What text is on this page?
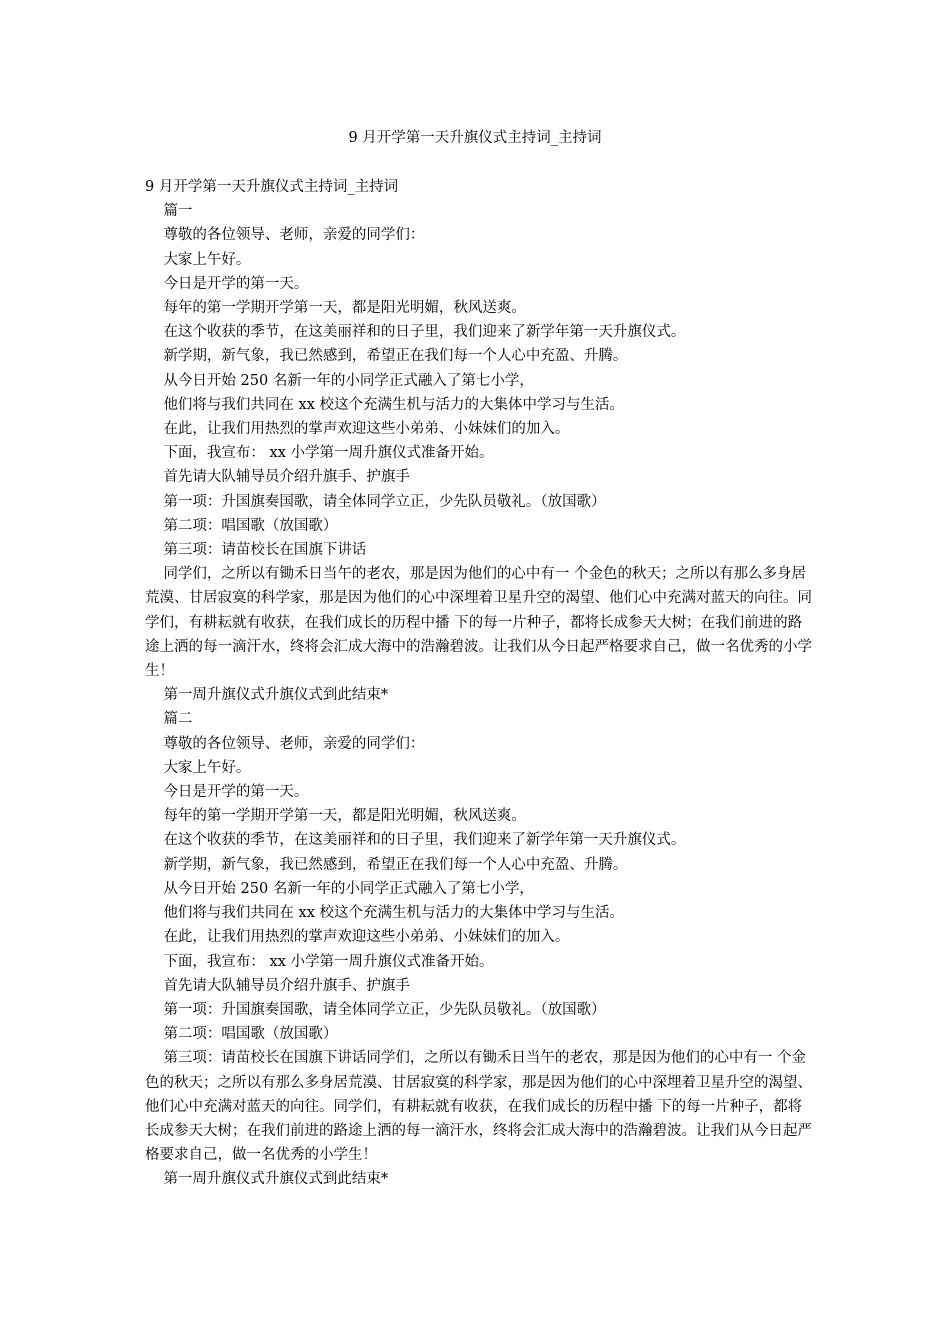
9 月开学第一天升旗仪式主持词_主持词

9 月开学第一天升旗仪式主持词_主持词

篇一

尊敬的各位领导、老师，亲爱的同学们：

大家上午好。

今日是开学的第一天。

每年的第一学期开学第一天，都是阳光明媚，秋风送爽。

在这个收获的季节，在这美丽祥和的日子里，我们迎来了新学年第一天升旗仪式。

新学期，新气象，我已然感到，希望正在我们每一个人心中充盈、升腾。

从今日开始 250 名新一年的小同学正式融入了第七小学，

他们将与我们共同在 xx 校这个充满生机与活力的大集体中学习与生活。

在此，让我们用热烈的掌声欢迎这些小弟弟、小妹妹们的加入。

下面，我宣布： xx 小学第一周升旗仪式准备开始。

首先请大队辅导员介绍升旗手、护旗手

第一项：升国旗奏国歌，请全体同学立正，少先队员敬礼。（放国歌）

第二项：唱国歌（放国歌）

第三项：请苗校长在国旗下讲话

同学们，之所以有锄禾日当午的老农，那是因为他们的心中有一 个金色的秋天；之所以有那么多身居荒漠、甘居寂寞的科学家，那是因为他们的心中深埋着卫星升空的渴望、他们心中充满对蓝天的向往。同学们，有耕耘就有收获，在我们成长的历程中播 下的每一片种子，都将长成参天大树；在我们前进的路途上洒的每一滴汗水，终将会汇成大海中的浩瀚碧波。让我们从今日起严格要求自己，做一名优秀的小学生！

第一周升旗仪式升旗仪式到此结束*

篇二

尊敬的各位领导、老师，亲爱的同学们：

大家上午好。

今日是开学的第一天。

每年的第一学期开学第一天，都是阳光明媚，秋风送爽。

在这个收获的季节，在这美丽祥和的日子里，我们迎来了新学年第一天升旗仪式。

新学期，新气象，我已然感到，希望正在我们每一个人心中充盈、升腾。

从今日开始 250 名新一年的小同学正式融入了第七小学，

他们将与我们共同在 xx 校这个充满生机与活力的大集体中学习与生活。

在此，让我们用热烈的掌声欢迎这些小弟弟、小妹妹们的加入。

下面，我宣布： xx 小学第一周升旗仪式准备开始。

首先请大队辅导员介绍升旗手、护旗手

第一项：升国旗奏国歌，请全体同学立正，少先队员敬礼。（放国歌）

第二项：唱国歌（放国歌）

第三项：请苗校长在国旗下讲话同学们，之所以有锄禾日当午的老农，那是因为他们的心中有一 个金色的秋天；之所以有那么多身居荒漠、甘居寂寞的科学家，那是因为他们的心中深埋着卫星升空的渴望、他们心中充满对蓝天的向往。同学们，有耕耘就有收获，在我们成长的历程中播 下的每一片种子，都将长成参天大树；在我们前进的路途上洒的每一滴汗水，终将会汇成大海中的浩瀚碧波。让我们从今日起严格要求自己，做一名优秀的小学生！

第一周升旗仪式升旗仪式到此结束*
